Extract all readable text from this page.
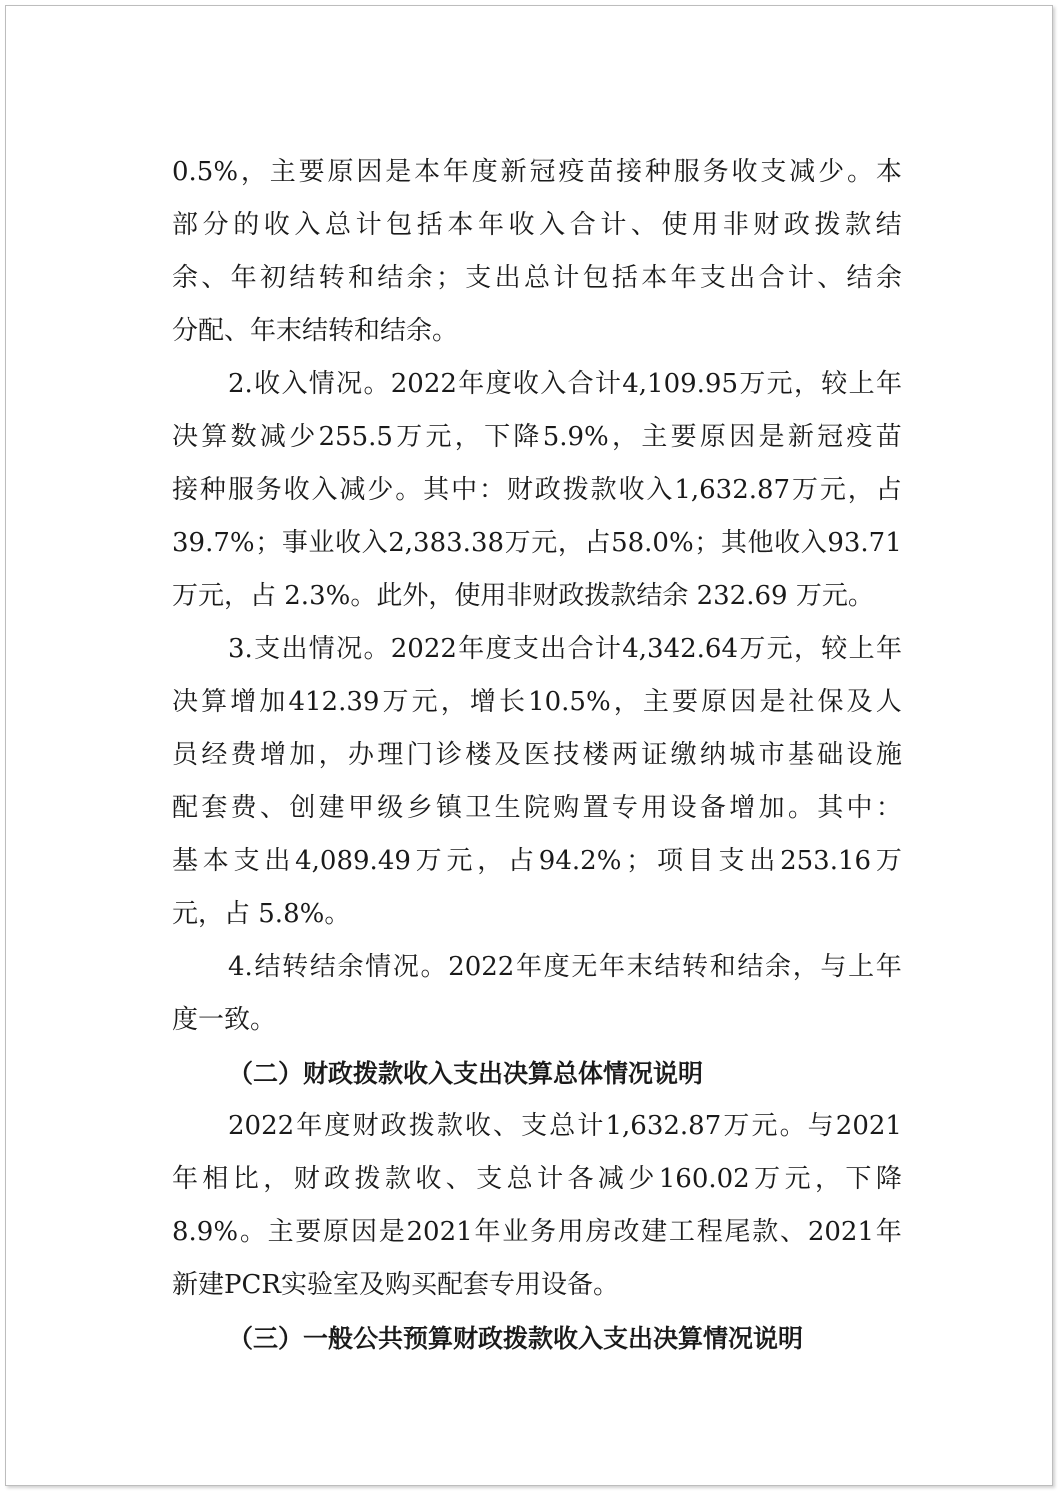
0.5% ， 主 要 原 因 是 本 年 度 新 冠 疫 苗 接 种 服 务 收 支 减 少 。 本
部 分 的 收 入 总 计 包 括 本 年 收 入 合 计 、 使 用 非 财 政 拨 款 结
余 、 年 初 结 转 和 结 余 ； 支 出 总 计 包 括 本 年 支 出 合 计 、 结 余
分配、年末结转和结余。
2. 收 入 情 况 。 2022 年 度 收 入 合 计 4,109.95 万 元 ， 较 上 年
决 算 数 减 少 255.5 万 元 ， 下 降 5.9% ， 主 要 原 因 是 新 冠 疫 苗
接 种 服 务 收 入 减 少 。 其 中 ： 财 政 拨 款 收 入 1,632.87 万 元 ， 占
39.7% ； 事 业 收 入 2,383.38 万 元 ， 占 58.0% ； 其 他 收 入 93.71
万元，占 2.3%。此外，使用非财政拨款结余 232.69 万元。
3. 支 出 情 况 。 2022 年 度 支 出 合 计 4,342.64 万 元 ， 较 上 年
决 算 增 加 412.39 万 元 ， 增 长 10.5% ， 主 要 原 因 是 社 保 及 人
员 经 费 增 加 ， 办 理 门 诊 楼 及 医 技 楼 两 证 缴 纳 城 市 基 础 设 施
配 套 费 、 创 建 甲 级 乡 镇 卫 生 院 购 置 专 用 设 备 增 加 。 其 中 ：
基 本 支 出 4,089.49 万 元 ， 占 94.2% ； 项 目 支 出 253.16 万
元，占 5.8%。
4. 结 转 结 余 情 况 。 2022 年 度 无 年 末 结 转 和 结 余 ， 与 上 年
度一致。
（二）财政拨款收入支出决算总体情况说明
2022 年 度 财 政 拨 款 收 、 支 总 计 1,632.87 万 元 。 与 2021
年 相 比 ， 财 政 拨 款 收 、 支 总 计 各 减 少 160.02 万 元 ， 下 降
8.9% 。 主 要 原 因 是 2021 年 业 务 用 房 改 建 工 程 尾 款 、 2021 年
新建PCR实验室及购买配套专用设备。
（三）一般公共预算财政拨款收入支出决算情况说明
